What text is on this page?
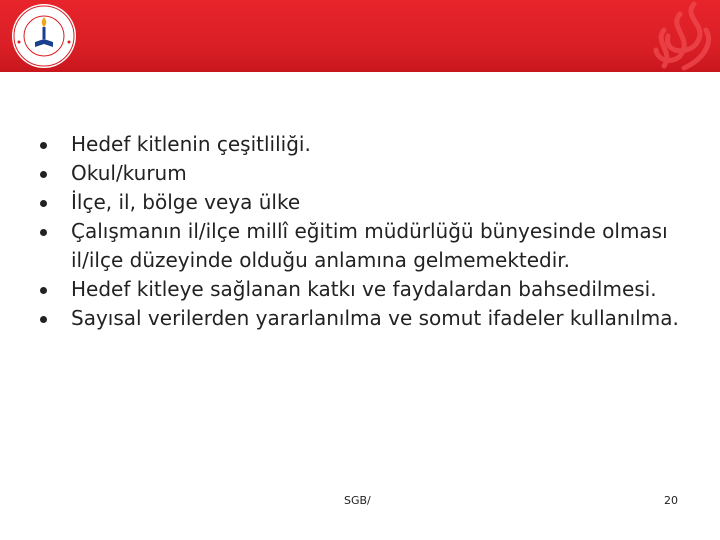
Hedef kitlenin çeşitliliği.
Okul/kurum
İlçe, il, bölge veya ülke
Çalışmanın il/ilçe millî eğitim müdürlüğü bünyesinde olması il/ilçe düzeyinde olduğu anlamına gelmemektedir.
Hedef kitleye sağlanan katkı ve faydalardan bahsedilmesi.
Sayısal verilerden yararlanılma ve somut ifadeler kullanılma.
SGB/	20
